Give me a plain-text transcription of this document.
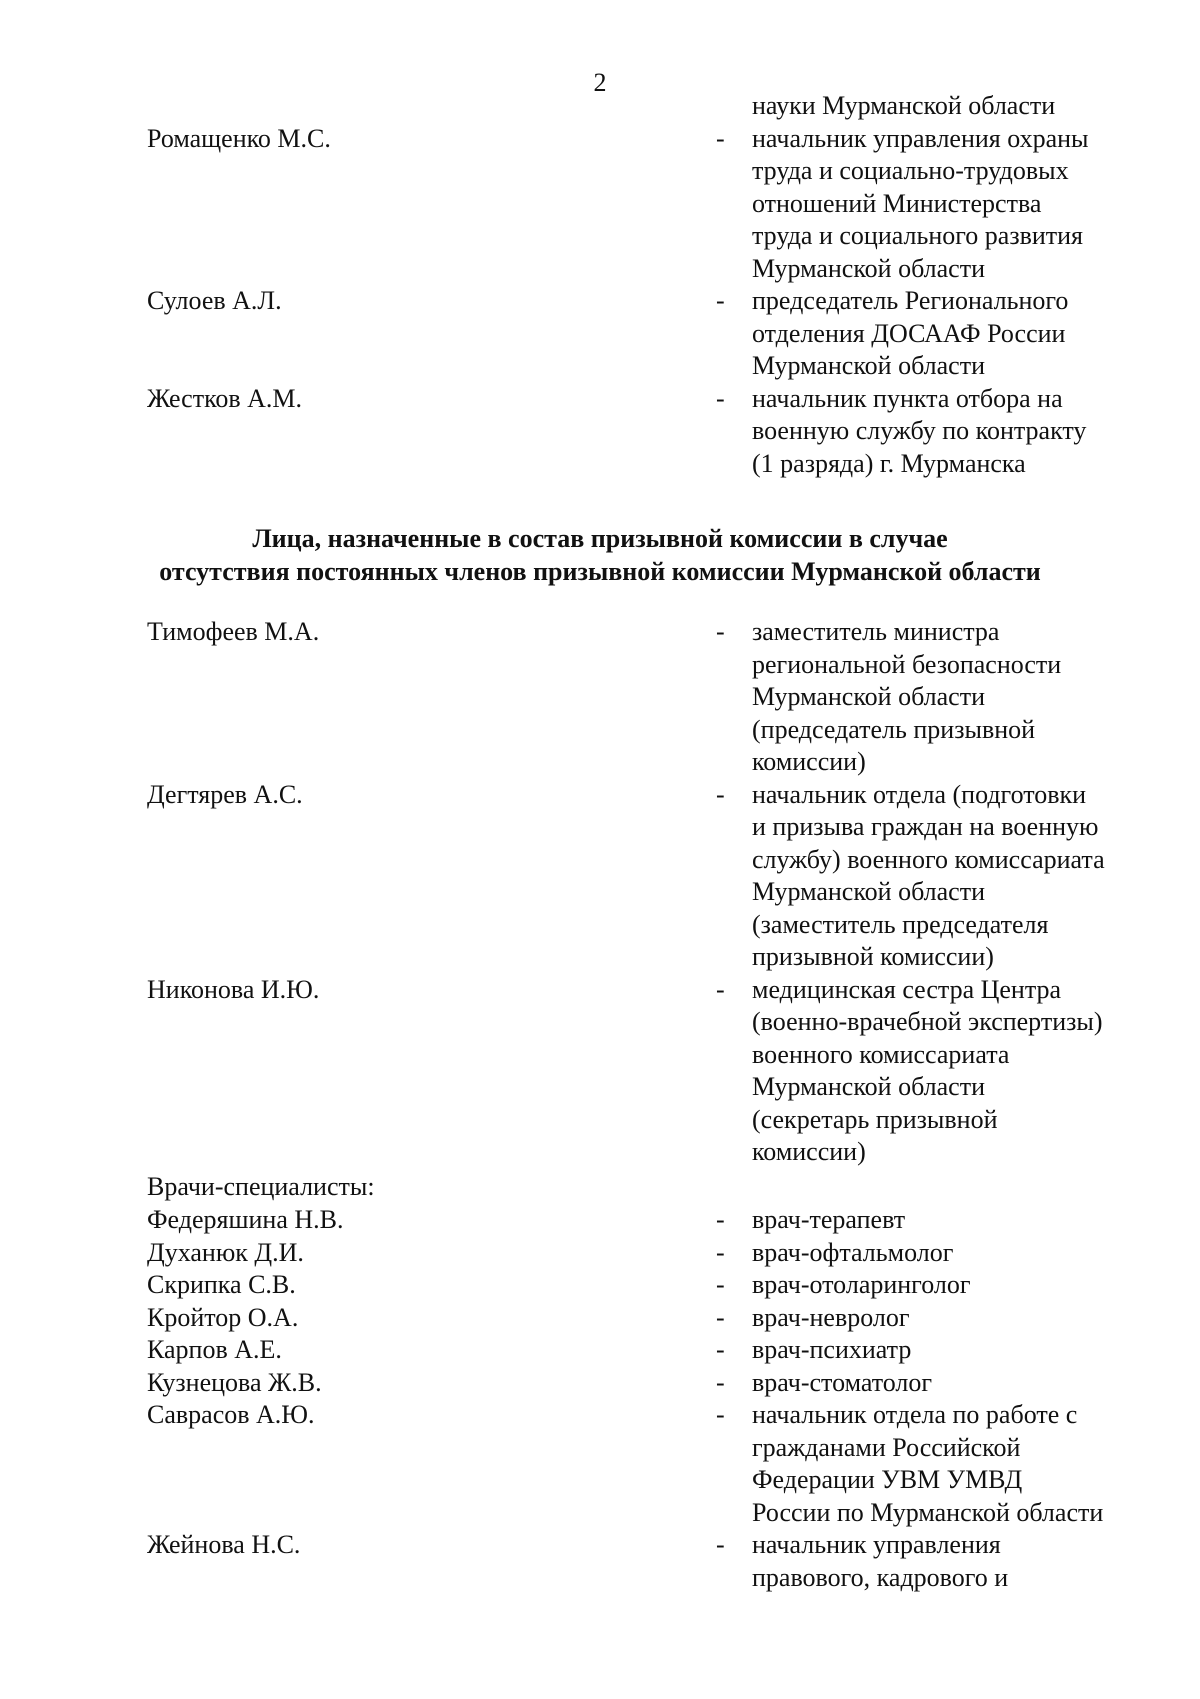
2
науки Мурманской области
Ромащенко М.С.	- начальник управления охраны
труда и социально-трудовых
отношений Министерства
труда и социального развития
Мурманской области
Сулоев А.Л.	- председатель Регионального
отделения ДОСААФ России
Мурманской области
Жестков А.М.	- начальник пункта отбора на
военную службу по контракту
(1 разряда) г. Мурманска
Лица, назначенные в состав призывной комиссии в случае
отсутствия постоянных членов призывной комиссии Мурманской области
Тимофеев М.А.	- заместитель министра
региональной безопасности
Мурманской области
(председатель призывной
комиссии)
Дегтярев А.С.	- начальник отдела (подготовки
и призыва граждан на военную
службу) военного комиссариата
Мурманской области
(заместитель председателя
призывной комиссии)
Никонова И.Ю.	- медицинская сестра Центра
(военно-врачебной экспертизы)
военного комиссариата
Мурманской области
(секретарь призывной
комиссии)
Врачи-специалисты:
Федеряшина Н.В.	- врач-терапевт
Духанюк Д.И.	- врач-офтальмолог
Скрипка С.В.	- врач-отоларинголог
Кройтор О.А.	- врач-невролог
Карпов А.Е.	- врач-психиатр
Кузнецова Ж.В.	- врач-стоматолог
Саврасов А.Ю.	- начальник отдела по работе с
гражданами Российской
Федерации УВМ УМВД
России по Мурманской области
Жейнова Н.С.	- начальник управления
правового, кадрового и
